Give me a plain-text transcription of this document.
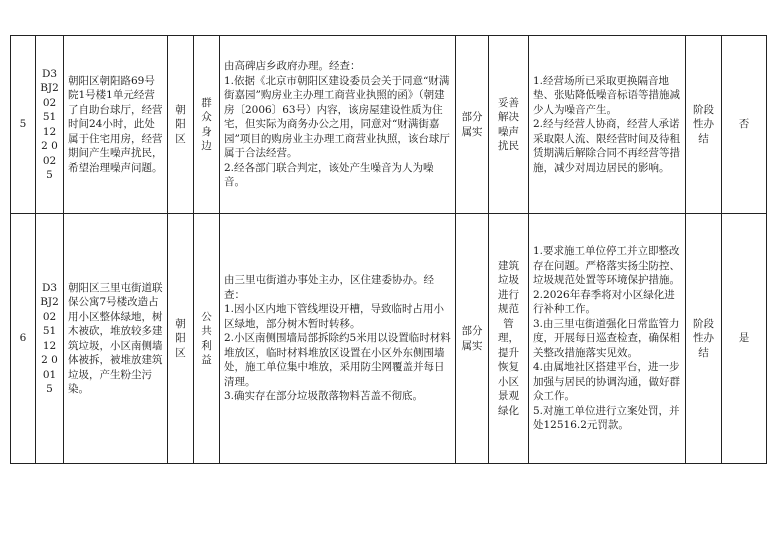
5	D3BJ20251122 0025	朝阳区朝阳路69号院1号楼1单元经营了自助台球厅，经营时间24小时，此处属于住宅用房，经营期间产生噪声扰民，希望治理噪声问题。	朝阳区	群众身边	由高碑店乡政府办理。经查：
1.依据《北京市朝阳区建设委员会关于同意“财满街嘉园”购房业主办理工商营业执照的函》（朝建房〔2006〕63号）内容，该房屋建设性质为住宅，但实际为商务办公之用，同意对“财满街嘉园”项目的购房业主办理工商营业执照，该台球厅属于合法经营。
2.经各部门联合判定，该处产生噪音为人为噪音。	部分属实	妥善解决噪声扰民	1.经营场所已采取更换隔音地垫、张贴降低噪音标语等措施减少人为噪音产生。
2.经与经营人协商，经营人承诺采取限人流、限经营时间及待租赁期满后解除合同不再经营等措施，减少对周边居民的影响。	阶段性办结	否
6	D3BJ20251122 0015	朝阳区三里屯街道联保公寓7号楼改造占用小区整体绿地，树木被砍，堆放较多建筑垃圾，小区南侧墙体被拆，被堆放建筑垃圾，产生粉尘污染。	朝阳区	公共利益	由三里屯街道办事处主办，区住建委协办。经查：
1.因小区内地下管线埋设开槽，导致临时占用小区绿地，部分树木暂时转移。
2.小区南侧围墙局部拆除约5米用以设置临时材料堆放区，临时材料堆放区设置在小区外东侧围墙处，施工单位集中堆放，采用防尘网覆盖并每日清理。
3.确实存在部分垃圾散落物料苫盖不彻底。	部分属实	建筑垃圾进行规范管理，提升恢复小区景观绿化	1.要求施工单位停工并立即整改存在问题。严格落实扬尘防控、垃圾规范处置等环境保护措施。
2.2026年春季将对小区绿化进行补种工作。
3.由三里屯街道强化日常监管力度，开展每日巡查检查，确保相关整改措施落实见效。
4.由属地社区搭建平台，进一步加强与居民的协调沟通，做好群众工作。
5.对施工单位进行立案处罚，并处12516.2元罚款。	阶段性办结	是
